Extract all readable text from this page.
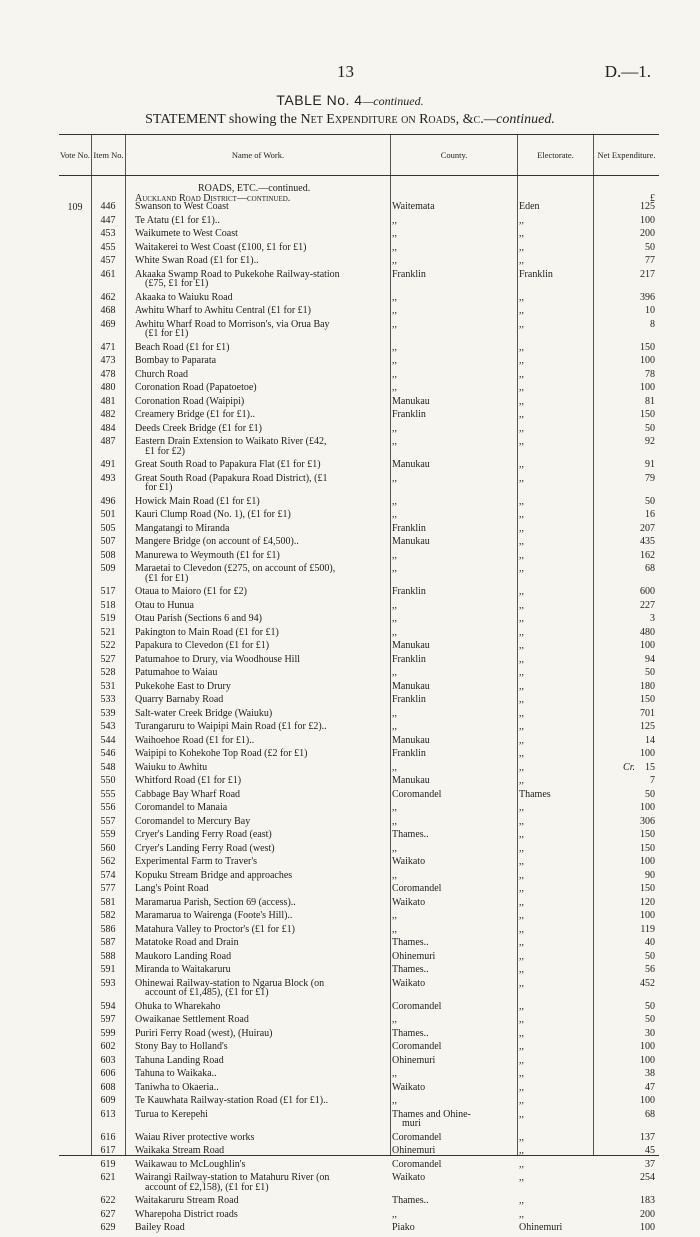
13	D.—1.
TABLE No. 4—continued.
STATEMENT showing the Net Expenditure on Roads, &c.—continued.
Vote No. Item No.	Name of Work.	County.	Electorate.	Net Expenditure.
ROADS, ETC.—continued.
Auckland Road District—continued.	£
109	446	Swanson to West Coast	Waitemata	Eden	125
447	Te Atatu (£1 for £1)..	,,	,,	100
453	Waikumete to West Coast	,,	,,	200
455	Waitakerei to West Coast (£100, £1 for £1)	,,	,,	50
457	White Swan Road (£1 for £1)..	,,	,,	77
461	Akaaka Swamp Road to Pukekohe Railway-station
(£75, £1 for £1)
Franklin	Franklin	217
462	Akaaka to Waiuku Road	,,	,,	396
468	Awhitu Wharf to Awhitu Central (£1 for £1)	,,	,,	10
469	Awhitu Wharf Road to Morrison's, via Orua Bay
(£1 for £1)
,,	,,	8
471	Beach Road (£1 for £1)	,,	,,	150
473	Bombay to Paparata	,,	,,	100
478	Church Road	,,	,,	78
480	Coronation Road (Papatoetoe)	,,	,,	100
481	Coronation Road (Waipipi)	Manukau	,,	81
482	Creamery Bridge (£1 for £1)..	Franklin	,,	150
484	Deeds Creek Bridge (£1 for £1)	,,	,,	50
487	Eastern Drain Extension to Waikato River (£42,
£1 for £2)
,,	,,	92
491	Great South Road to Papakura Flat (£1 for £1)	Manukau	,,	91
493	Great South Road (Papakura Road District), (£1
for £1)
,,	,,	79
496	Howick Main Road (£1 for £1)	,,	,,	50
501	Kauri Clump Road (No. 1), (£1 for £1)	,,	,,	16
505	Mangatangi to Miranda	Franklin	,,	207
507	Mangere Bridge (on account of £4,500)..	Manukau	,,	435
508	Manurewa to Weymouth (£1 for £1)	,,	,,	162
509	Maraetai to Clevedon (£275, on account of £500),
(£1 for £1)
,,	,,	68
517	Otaua to Maioro (£1 for £2)	Franklin	,,	600
518	Otau to Hunua	,,	,,	227
519	Otau Parish (Sections 6 and 94)	,,	,,	3
521	Pakington to Main Road (£1 for £1)	,,	,,	480
522	Papakura to Clevedon (£1 for £1)	Manukau	,,	100
527	Patumahoe to Drury, via Woodhouse Hill	Franklin	,,	94
528	Patumahoe to Waiau	,,	,,	50
531	Pukekohe East to Drury	Manukau	,,	180
533	Quarry Barnaby Road	Franklin	,,	150
539	Salt-water Creek Bridge (Waiuku)	,,	,,	701
543	Turangaruru to Waipipi Main Road (£1 for £2)..	,,	,,	125
544	Waihoehoe Road (£1 for £1)..	Manukau	,,	14
546	Waipipi to Kohekohe Top Road (£2 for £1)	Franklin	,,	100
548	Waiuku to Awhitu	,,	,,	Cr. 15
550	Whitford Road (£1 for £1)	Manukau	,,	7
555	Cabbage Bay Wharf Road	Coromandel	Thames	50
556	Coromandel to Manaia	,,	,,	100
557	Coromandel to Mercury Bay	,,	,,	306
559	Cryer's Landing Ferry Road (east)	Thames..	,,	150
560	Cryer's Landing Ferry Road (west)	,,	,,	150
562	Experimental Farm to Traver's	Waikato	,,	100
574	Kopuku Stream Bridge and approaches	,,	,,	90
577	Lang's Point Road	Coromandel	,,	150
581	Maramarua Parish, Section 69 (access)..	Waikato	,,	120
582	Maramarua to Wairenga (Foote's Hill)..	,,	,,	100
586	Matahura Valley to Proctor's (£1 for £1)	,,	,,	119
587	Matatoke Road and Drain	Thames..	,,	40
588	Maukoro Landing Road	Ohinemuri	,,	50
591	Miranda to Waitakaruru	Thames..	,,	56
593	Ohinewai Railway-station to Ngarua Block (on
account of £1,485), (£1 for £1)
Waikato	,,	452
594	Ohuka to Wharekaho	Coromandel	,,	50
597	Owaikanae Settlement Road	,,	,,	50
599	Puriri Ferry Road (west), (Huirau)	Thames..	,,	30
602	Stony Bay to Holland's	Coromandel	,,	100
603	Tahuna Landing Road	Ohinemuri	,,	100
606	Tahuna to Waikaka..	,,	,,	38
608	Taniwha to Okaeria..	Waikato	,,	47
609	Te Kauwhata Railway-station Road (£1 for £1)..	,,	,,	100
613	Turua to Kerepehi	Thames and Ohine-
muri
,,	68
616	Waiau River protective works	Coromandel	,,	137
617	Waikaka Stream Road	Ohinemuri	,,	45
619	Waikawau to McLoughlin's	Coromandel	,,	37
621	Wairangi Railway-station to Matahuru River (on
account of £2,158), (£1 for £1)
Waikato	,,	254
622	Waitakaruru Stream Road	Thames..	,,	183
627	Wharepoha District roads	,,	,,	200
629	Bailey Road	Piako	Ohinemuri	100
